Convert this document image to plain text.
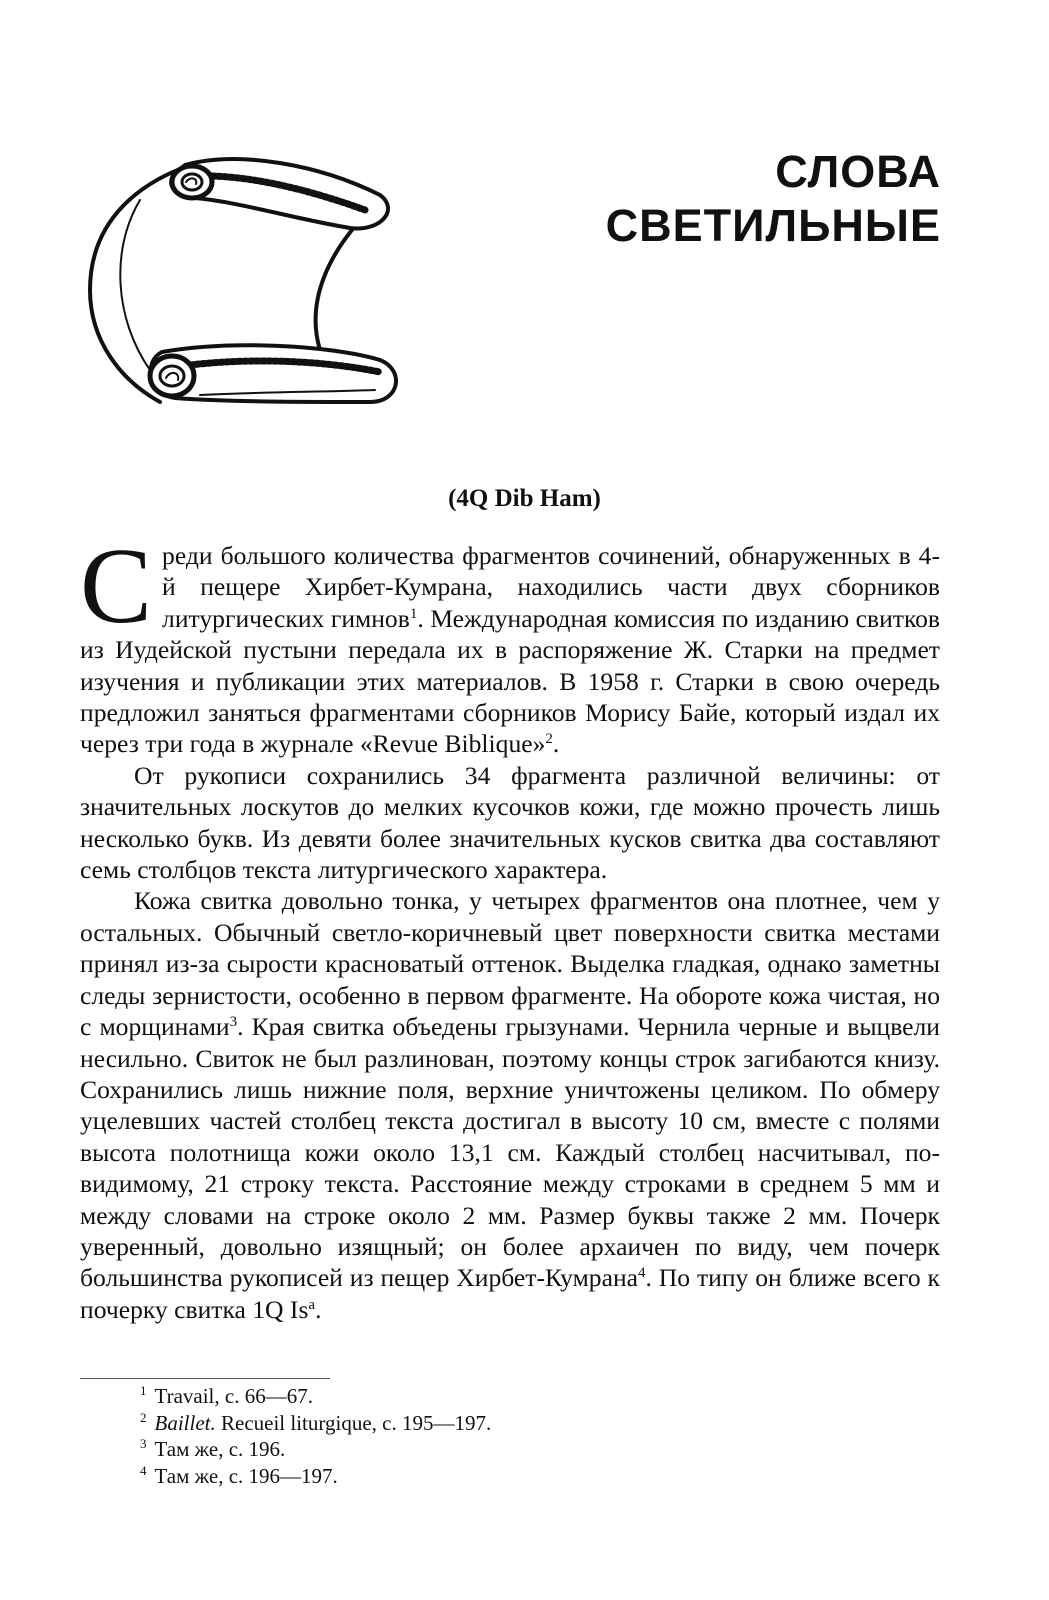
СЛОВА
СВЕТИЛЬНЫЕ
(4Q Dib Ham)

Среди большого количества фрагментов сочинений, обнаруженных в 4-й пещере Хирбет-Кумрана, находились части двух сборников литургических гимнов$^1$. Международная комиссия по изданию свитков из Иудейской пустыни передала их в распоряжение Ж. Старки на предмет изучения и публикации этих материалов. В 1958 г. Старки в свою очередь предложил заняться фрагментами сборников Морису Байе, который издал их через три года в журнале «Revue Biblique»$^2$.

От рукописи сохранились 34 фрагмента различной величины: от значительных лоскутов до мелких кусочков кожи, где можно прочесть лишь несколько букв. Из девяти более значительных кусков свитка два составляют семь столбцов текста литургического характера.

Кожа свитка довольно тонка, у четырех фрагментов она плотнее, чем у остальных. Обычный светло-коричневый цвет поверхности свитка местами принял из-за сырости красноватый оттенок. Выделка гладкая, однако заметны следы зернистости, особенно в первом фрагменте. На обороте кожа чистая, но с морщинами$^3$. Края свитка объедены грызунами. Чернила черные и выцвели несильно. Свиток не был разлинован, поэтому концы строк загибаются книзу. Сохранились лишь нижние поля, верхние уничтожены целиком. По обмеру уцелевших частей столбец текста достигал в высоту 10 см, вместе с полями высота полотнища кожи около 13,1 см. Каждый столбец насчитывал, по-видимому, 21 строку текста. Расстояние между строками в среднем 5 мм и между словами на строке около 2 мм. Размер буквы также 2 мм. Почерк уверенный, довольно изящный; он более архаичен по виду, чем почерк большинства рукописей из пещер Хирбет-Кумрана$^4$. По типу он ближе всего к почерку свитка 1Q Is$^a$.

$^1$ Travail, с. 66—67.
$^2$ Baillet. Recueil liturgique, с. 195—197.
$^3$ Там же, с. 196.
$^4$ Там же, с. 196—197.
